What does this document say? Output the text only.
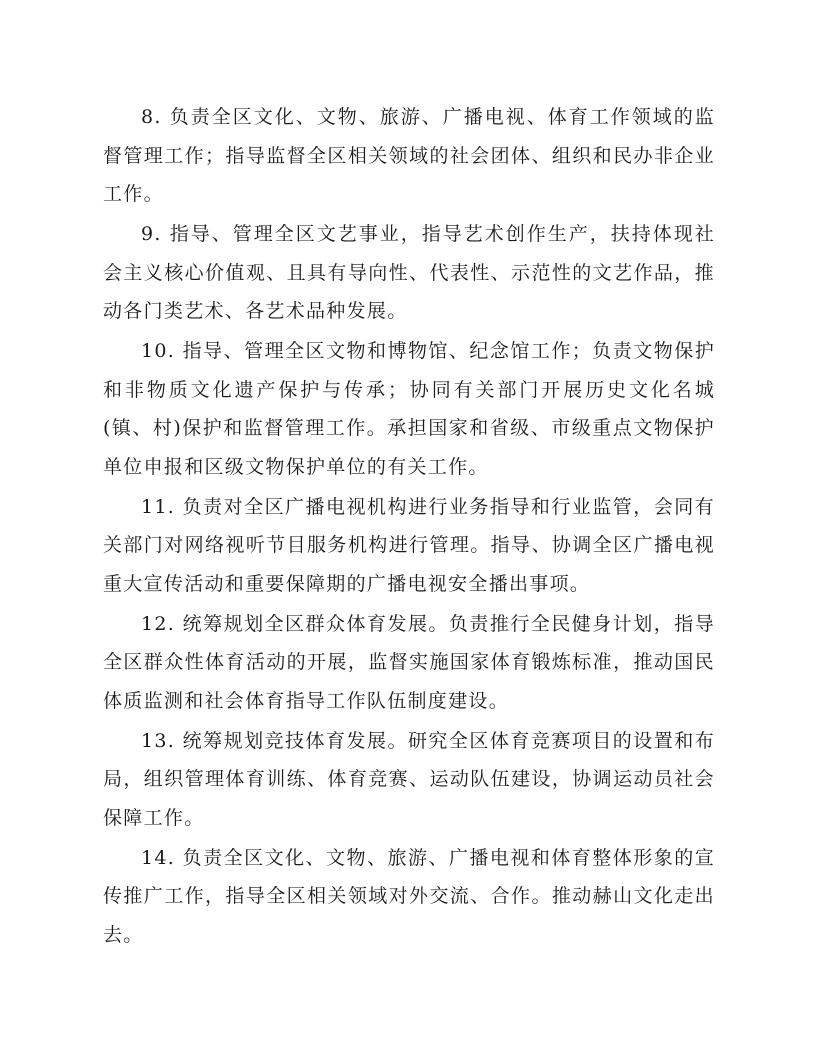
8. 负责全区文化、文物、旅游、广播电视、体育工作领域的监督管理工作；指导监督全区相关领域的社会团体、组织和民办非企业工作。

9. 指导、管理全区文艺事业，指导艺术创作生产，扶持体现社会主义核心价值观、且具有导向性、代表性、示范性的文艺作品，推动各门类艺术、各艺术品种发展。

10. 指导、管理全区文物和博物馆、纪念馆工作；负责文物保护和非物质文化遗产保护与传承；协同有关部门开展历史文化名城(镇、村)保护和监督管理工作。承担国家和省级、市级重点文物保护单位申报和区级文物保护单位的有关工作。

11. 负责对全区广播电视机构进行业务指导和行业监管，会同有关部门对网络视听节目服务机构进行管理。指导、协调全区广播电视重大宣传活动和重要保障期的广播电视安全播出事项。

12. 统筹规划全区群众体育发展。负责推行全民健身计划，指导全区群众性体育活动的开展，监督实施国家体育锻炼标准，推动国民体质监测和社会体育指导工作队伍制度建设。

13. 统筹规划竞技体育发展。研究全区体育竞赛项目的设置和布局，组织管理体育训练、体育竞赛、运动队伍建设，协调运动员社会保障工作。

14. 负责全区文化、文物、旅游、广播电视和体育整体形象的宣传推广工作，指导全区相关领域对外交流、合作。推动赫山文化走出去。
